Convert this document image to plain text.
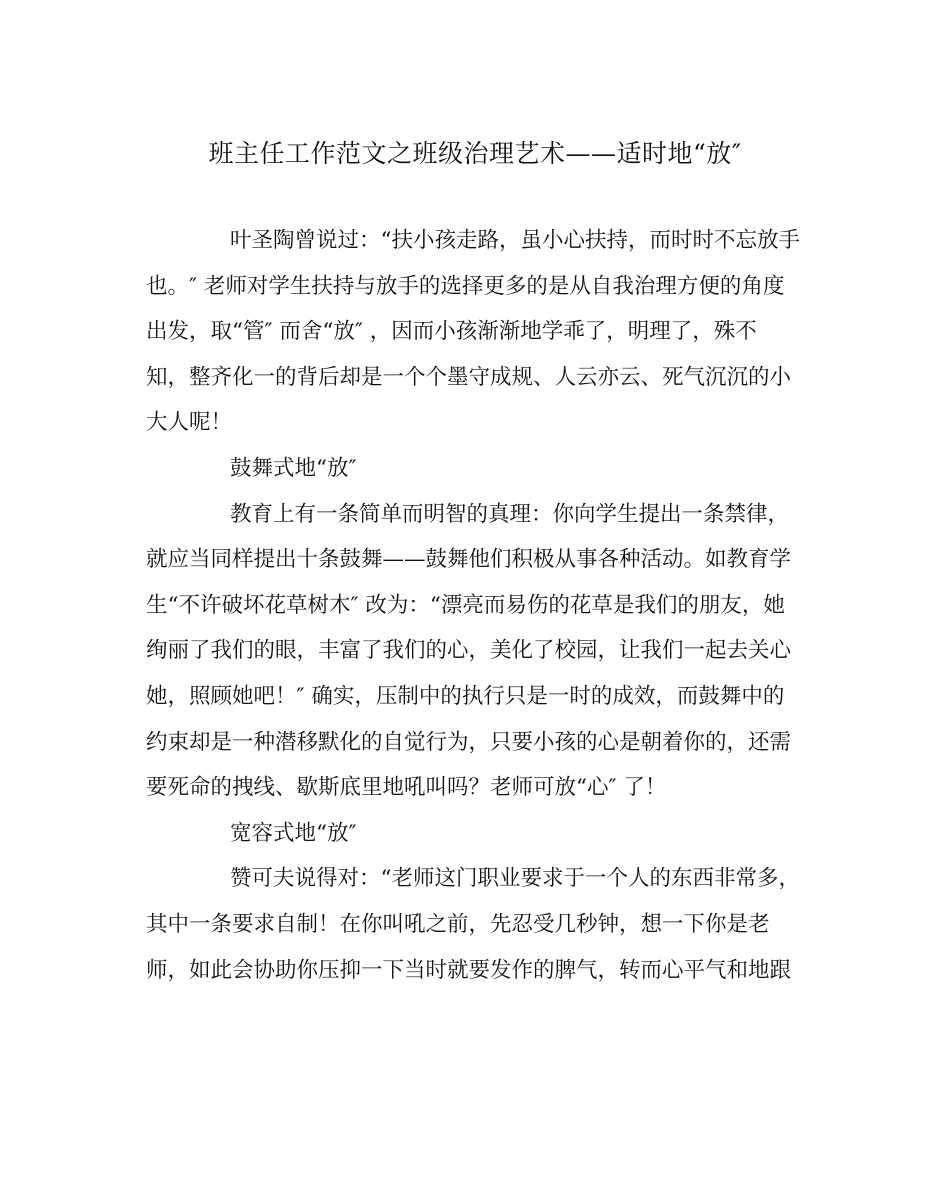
班主任工作范文之班级治理艺术——适时地“放″
叶圣陶曾说过：“扶小孩走路，虽小心扶持，而时时不忘放手
也。″ 老师对学生扶持与放手的选择更多的是从自我治理方便的角度
出发，取“管″ 而舍“放″ ，因而小孩渐渐地学乖了，明理了，殊不
知，整齐化一的背后却是一个个墨守成规、人云亦云、死气沉沉的小
大人呢！
鼓舞式地“放″
教育上有一条简单而明智的真理：你向学生提出一条禁律，
就应当同样提出十条鼓舞——鼓舞他们积极从事各种活动。如教育学
生“不许破坏花草树木″ 改为：“漂亮而易伤的花草是我们的朋友，她
绚丽了我们的眼，丰富了我们的心，美化了校园，让我们一起去关心
她，照顾她吧！″ 确实，压制中的执行只是一时的成效，而鼓舞中的
约束却是一种潜移默化的自觉行为，只要小孩的心是朝着你的，还需
要死命的拽线、歇斯底里地吼叫吗？老师可放“心″ 了！
宽容式地“放″
赞可夫说得对：“老师这门职业要求于一个人的东西非常多，
其中一条要求自制！在你叫吼之前，先忍受几秒钟，想一下你是老
师，如此会协助你压抑一下当时就要发作的脾气，转而心平气和地跟
